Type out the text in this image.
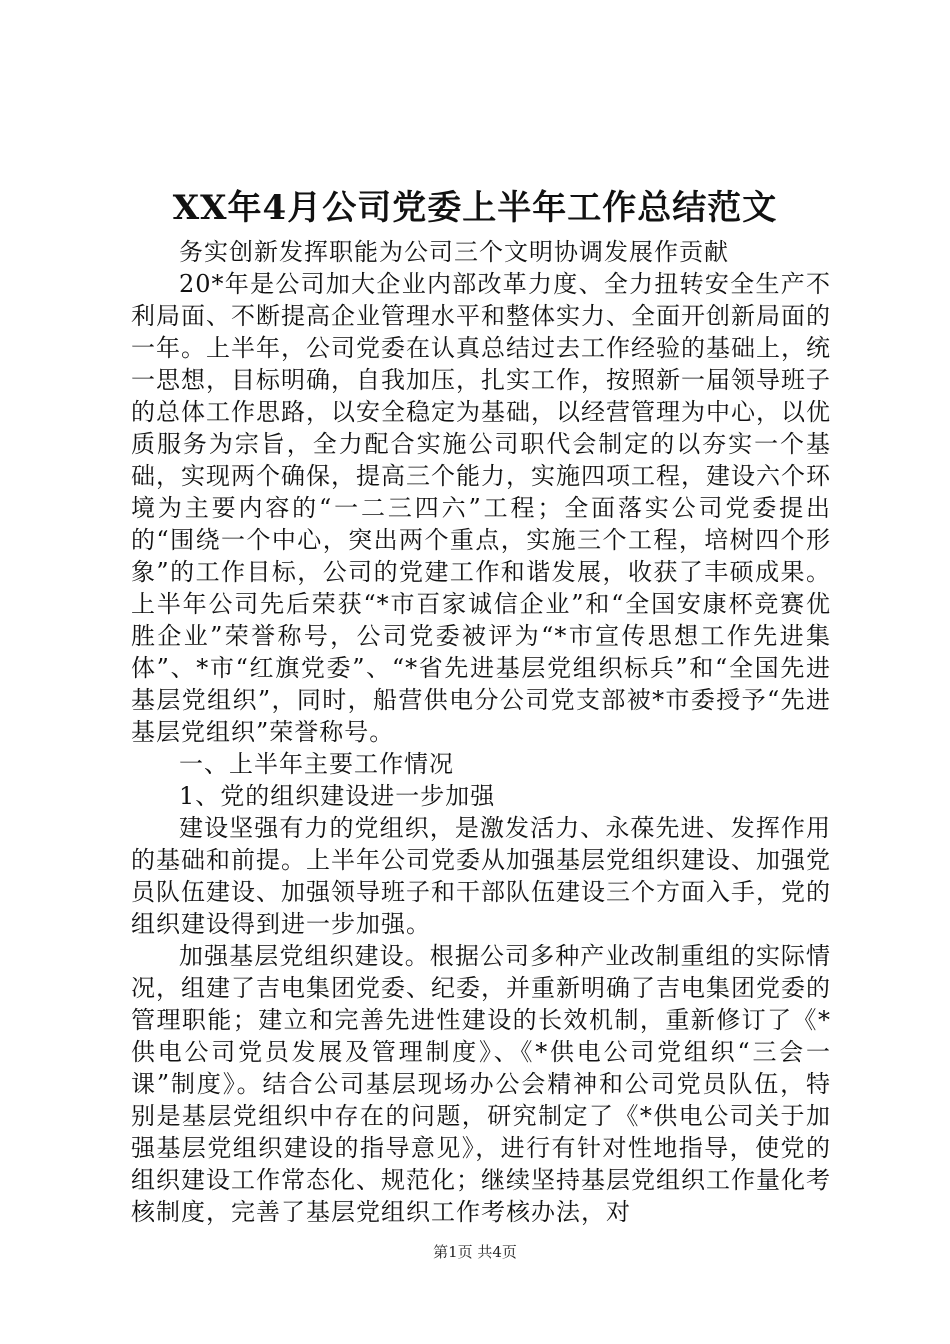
XX年4月公司党委上半年工作总结范文

务实创新发挥职能为公司三个文明协调发展作贡献

20*年是公司加大企业内部改革力度、全力扭转安全生产不利局面、不断提高企业管理水平和整体实力、全面开创新局面的一年。上半年，公司党委在认真总结过去工作经验的基础上，统一思想，目标明确，自我加压，扎实工作，按照新一届领导班子的总体工作思路，以安全稳定为基础，以经营管理为中心，以优质服务为宗旨，全力配合实施公司职代会制定的以夯实一个基础，实现两个确保，提高三个能力，实施四项工程，建设六个环境为主要内容的“一二三四六”工程；全面落实公司党委提出的“围绕一个中心，突出两个重点，实施三个工程，培树四个形象”的工作目标，公司的党建工作和谐发展，收获了丰硕成果。上半年公司先后荣获“*市百家诚信企业”和“全国安康杯竞赛优胜企业”荣誉称号，公司党委被评为“*市宣传思想工作先进集体”、*市“红旗党委”、“*省先进基层党组织标兵”和“全国先进基层党组织”，同时，船营供电分公司党支部被*市委授予“先进基层党组织”荣誉称号。

一、上半年主要工作情况

1、党的组织建设进一步加强

建设坚强有力的党组织，是激发活力、永葆先进、发挥作用的基础和前提。上半年公司党委从加强基层党组织建设、加强党员队伍建设、加强领导班子和干部队伍建设三个方面入手，党的组织建设得到进一步加强。

加强基层党组织建设。根据公司多种产业改制重组的实际情况，组建了吉电集团党委、纪委，并重新明确了吉电集团党委的管理职能；建立和完善先进性建设的长效机制，重新修订了《*供电公司党员发展及管理制度》、《*供电公司党组织“三会一课”制度》。结合公司基层现场办公会精神和公司党员队伍，特别是基层党组织中存在的问题，研究制定了《*供电公司关于加强基层党组织建设的指导意见》，进行有针对性地指导，使党的组织建设工作常态化、规范化；继续坚持基层党组织工作量化考核制度，完善了基层党组织工作考核办法，对

第1页 共4页
